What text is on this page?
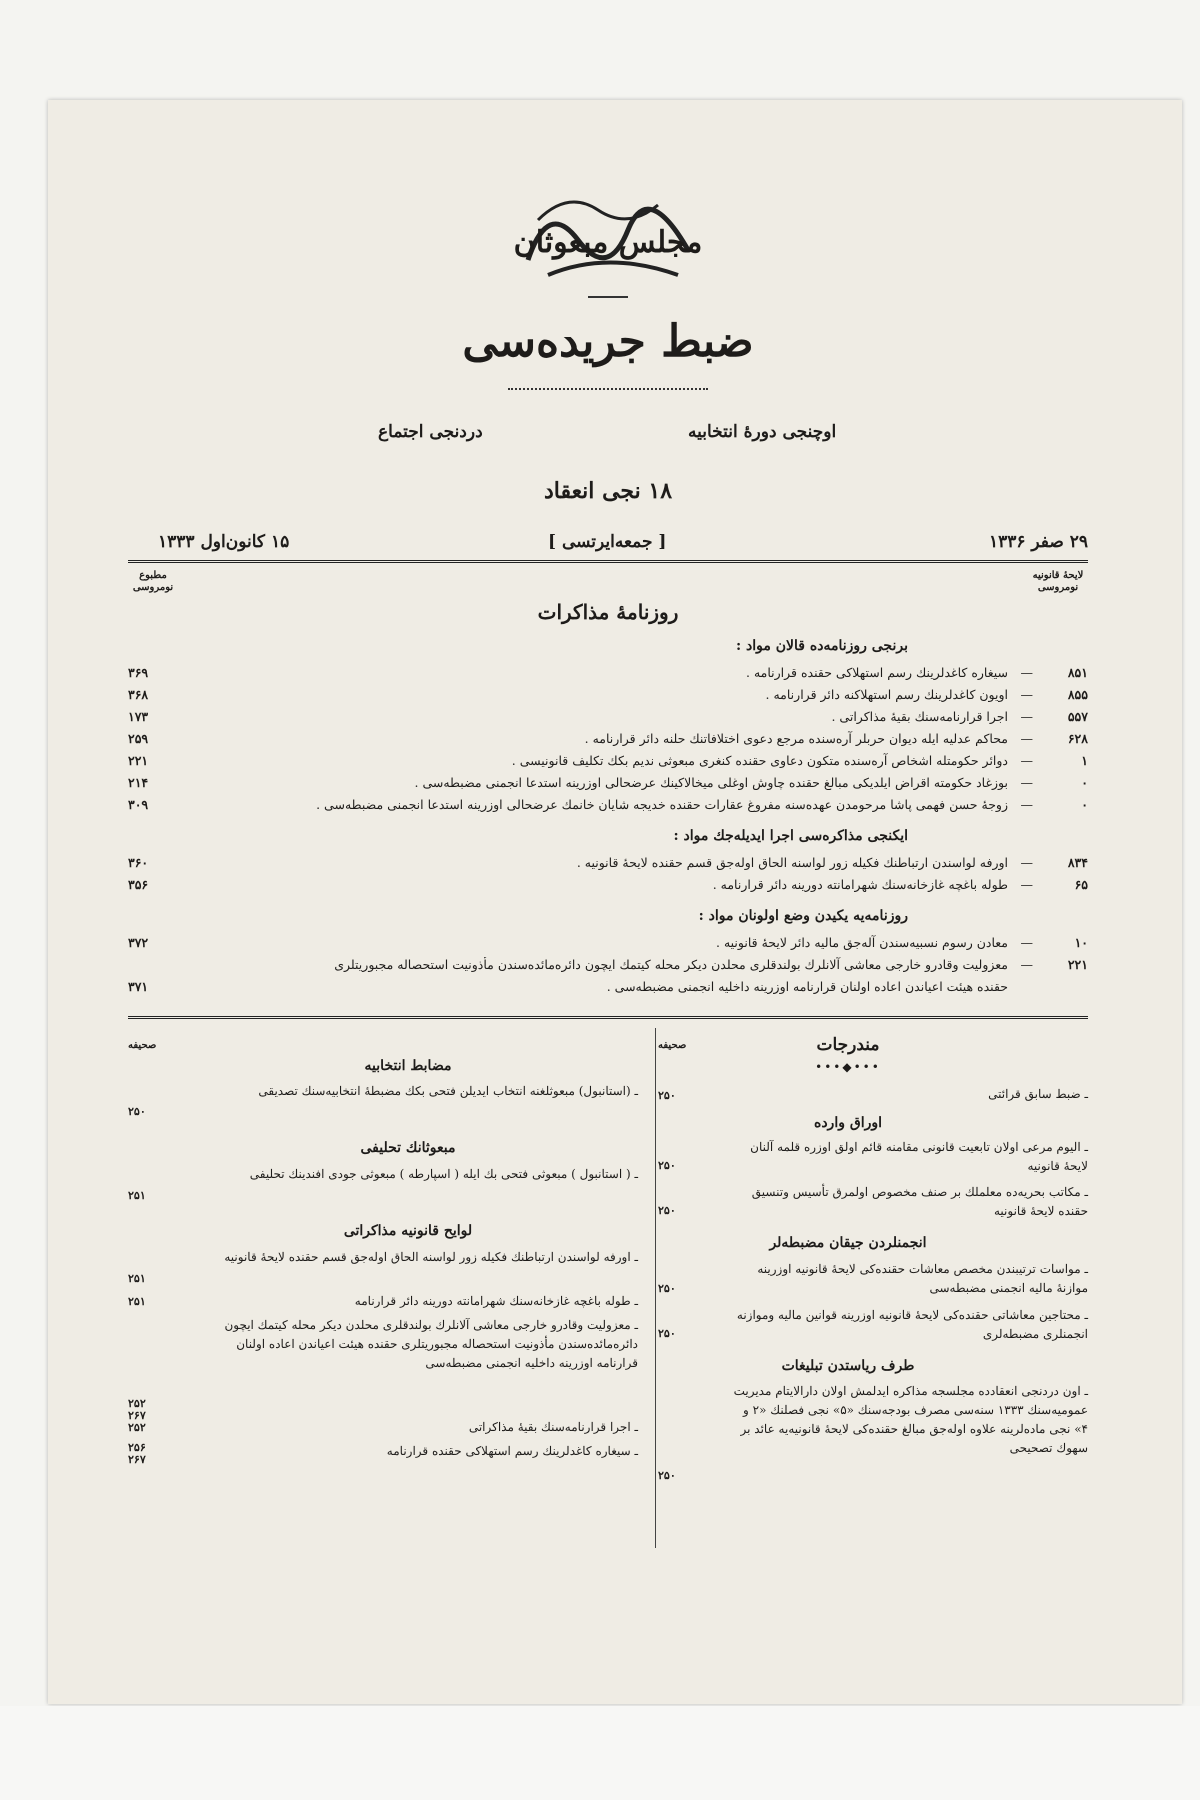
مجلس مبعوثان
ضبط جریده‌سی
اوچنجی دورهٔ انتخابیه
دردنجی اجتماع
۱۸ نجی انعقاد
۲۹ صفر ۱۳۳۶
[ جمعه‌ایرتسی ]
۱۵ کانون‌اول ۱۳۳۳
لایحهٔ قانونیه نومروسی
مطبوع نومروسی
روزنامهٔ مذاکرات
برنجی روزنامه‌ده قالان مواد :
۸۵۱
—
سیغاره کاغدلرینك رسم استهلاکی حقنده قرارنامه .
۳۶۹
۸۵۵
—
اویون کاغدلرینك رسم استهلاکنه دائر قرارنامه .
۳۶۸
۵۵۷
—
اجرا قرارنامه‌سنك بقیهٔ مذاکراتی .
۱۷۳
۶۲۸
—
محاکم عدلیه ایله دیوان حربلر آره‌سنده مرجع دعوی اختلافاتنك حلنه دائر قرارنامه .
۲۵۹
۱
—
دوائر حکومتله اشخاص آره‌سنده متکون دعاوی حقنده کنغری مبعوثی ندیم بکك تکلیف قانونیسی .
۲۲۱
٠
—
بوزغاد حکومته اقراض ایلدیکی مبالغ حقنده چاوش اوغلی میخالاکینك عرضحالی اوزرینه استدعا انجمنی مضبطه‌سی .
۲۱۴
٠
—
زوجهٔ حسن فهمی پاشا مرحومدن عهده‌سنه مفروغ عقارات حقنده خدیجه شایان خانمك عرضحالی اوزرینه استدعا انجمنی مضبطه‌سی .
۳۰۹
ایکنجی مذاکره‌سی اجرا ایدیله‌جك مواد :
۸۳۴
—
اورفه لواسندن ارتباطنك فکیله زور لواسنه الحاق اوله‌جق قسم حقنده لایحهٔ قانونیه .
۳۶۰
۶۵
—
طوله باغچه غازخانه‌سنك شهرامانته دورینه دائر قرارنامه .
۳۵۶
روزنامه‌یه یکیدن وضع اولونان مواد :
۱۰
—
معادن رسوم نسبیه‌سندن آله‌جق مالیه دائر لایحهٔ قانونیه .
۳۷۲
۲۲۱
—
معزولیت وقادرو خارجی معاشی آلانلرك بولندقلری محلدن دیکر محله کیتمك ایچون دائره‌مائده‌سندن مأذونیت استحصاله مجبوریتلری
حقنده هیئت اعیاندن اعاده اولنان قرارنامه اوزرینه داخلیه انجمنی مضبطه‌سی .
۳۷۱
مندرجات
صحیفه
•••◆•••
ـ ضبط سابق قرائتی
۲۵۰
اوراق وارده
ـ الیوم مرعی اولان تابعیت قانونی مقامنه قائم اولق اوزره قلمه آلنان لایحهٔ قانونیه
۲۵۰
ـ مکاتب بحریه‌ده معلملك بر صنف مخصوص اولمرق تأسیس وتنسیق حقنده لایحهٔ قانونیه
۲۵۰
انجمنلردن جیقان مضبطه‌لر
ـ مواسات ترتیبندن مخصص معاشات حقنده‌کی لایحهٔ قانونیه اوزرینه موازنهٔ مالیه انجمنی مضبطه‌سی
۲۵۰
ـ محتاجین معاشاتی حقنده‌کی لایحهٔ قانونیه اوزرینه قوانین مالیه وموازنه انجمنلری مضبطه‌لری
۲۵۰
طرف ریاستدن تبلیغات
ـ اون دردنجی انعقادده مجلسجه مذاکره ایدلمش اولان دارالایتام مدیریت عمومیه‌سنك ۱۳۳۳ سنه‌سی مصرف بودجه‌سنك «۵» نجی فصلنك «۲ و ۴» نجی ماده‌لرینه علاوه اوله‌جق مبالغ حقنده‌کی لایحهٔ قانونیه‌یه عائد بر سهوك تصحیحی
۲۵۰
صحیفه
مضابط انتخابیه
ـ (استانبول) مبعوثلغنه انتخاب ایدیلن فتحی بکك مضبطهٔ انتخابیه‌سنك تصدیقی
۲۵۰
مبعوثانك تحلیفی
ـ ( استانبول ) مبعوثی فتحی بك ایله ( اسپارطه ) مبعوثی جودی افندینك تحلیفی
۲۵۱
لوایح قانونیه مذاکراتی
ـ اورفه لواسندن ارتباطنك فکیله زور لواسنه الحاق اوله‌جق قسم حقنده لایحهٔ قانونیه
۲۵۱
ـ طوله باغچه غازخانه‌سنك شهرامانته دورینه دائر قرارنامه
۲۵۱
ـ معزولیت وقادرو خارجی معاشی آلانلرك بولندقلری محلدن دیکر محله کیتمك ایچون دائره‌مائده‌سندن مأذونیت استحصاله مجبوریتلری حقنده هیئت اعیاندن اعاده اولنان قرارنامه اوزرینه داخلیه انجمنی مضبطه‌سی
۲۵۲ ۲۶۷
ـ اجرا قرارنامه‌سنك بقیهٔ مذاکراتی
۲۵۲
ـ سیغاره کاغدلرینك رسم استهلاکی حقنده قرارنامه
۲۵۶ ۲۶۷
